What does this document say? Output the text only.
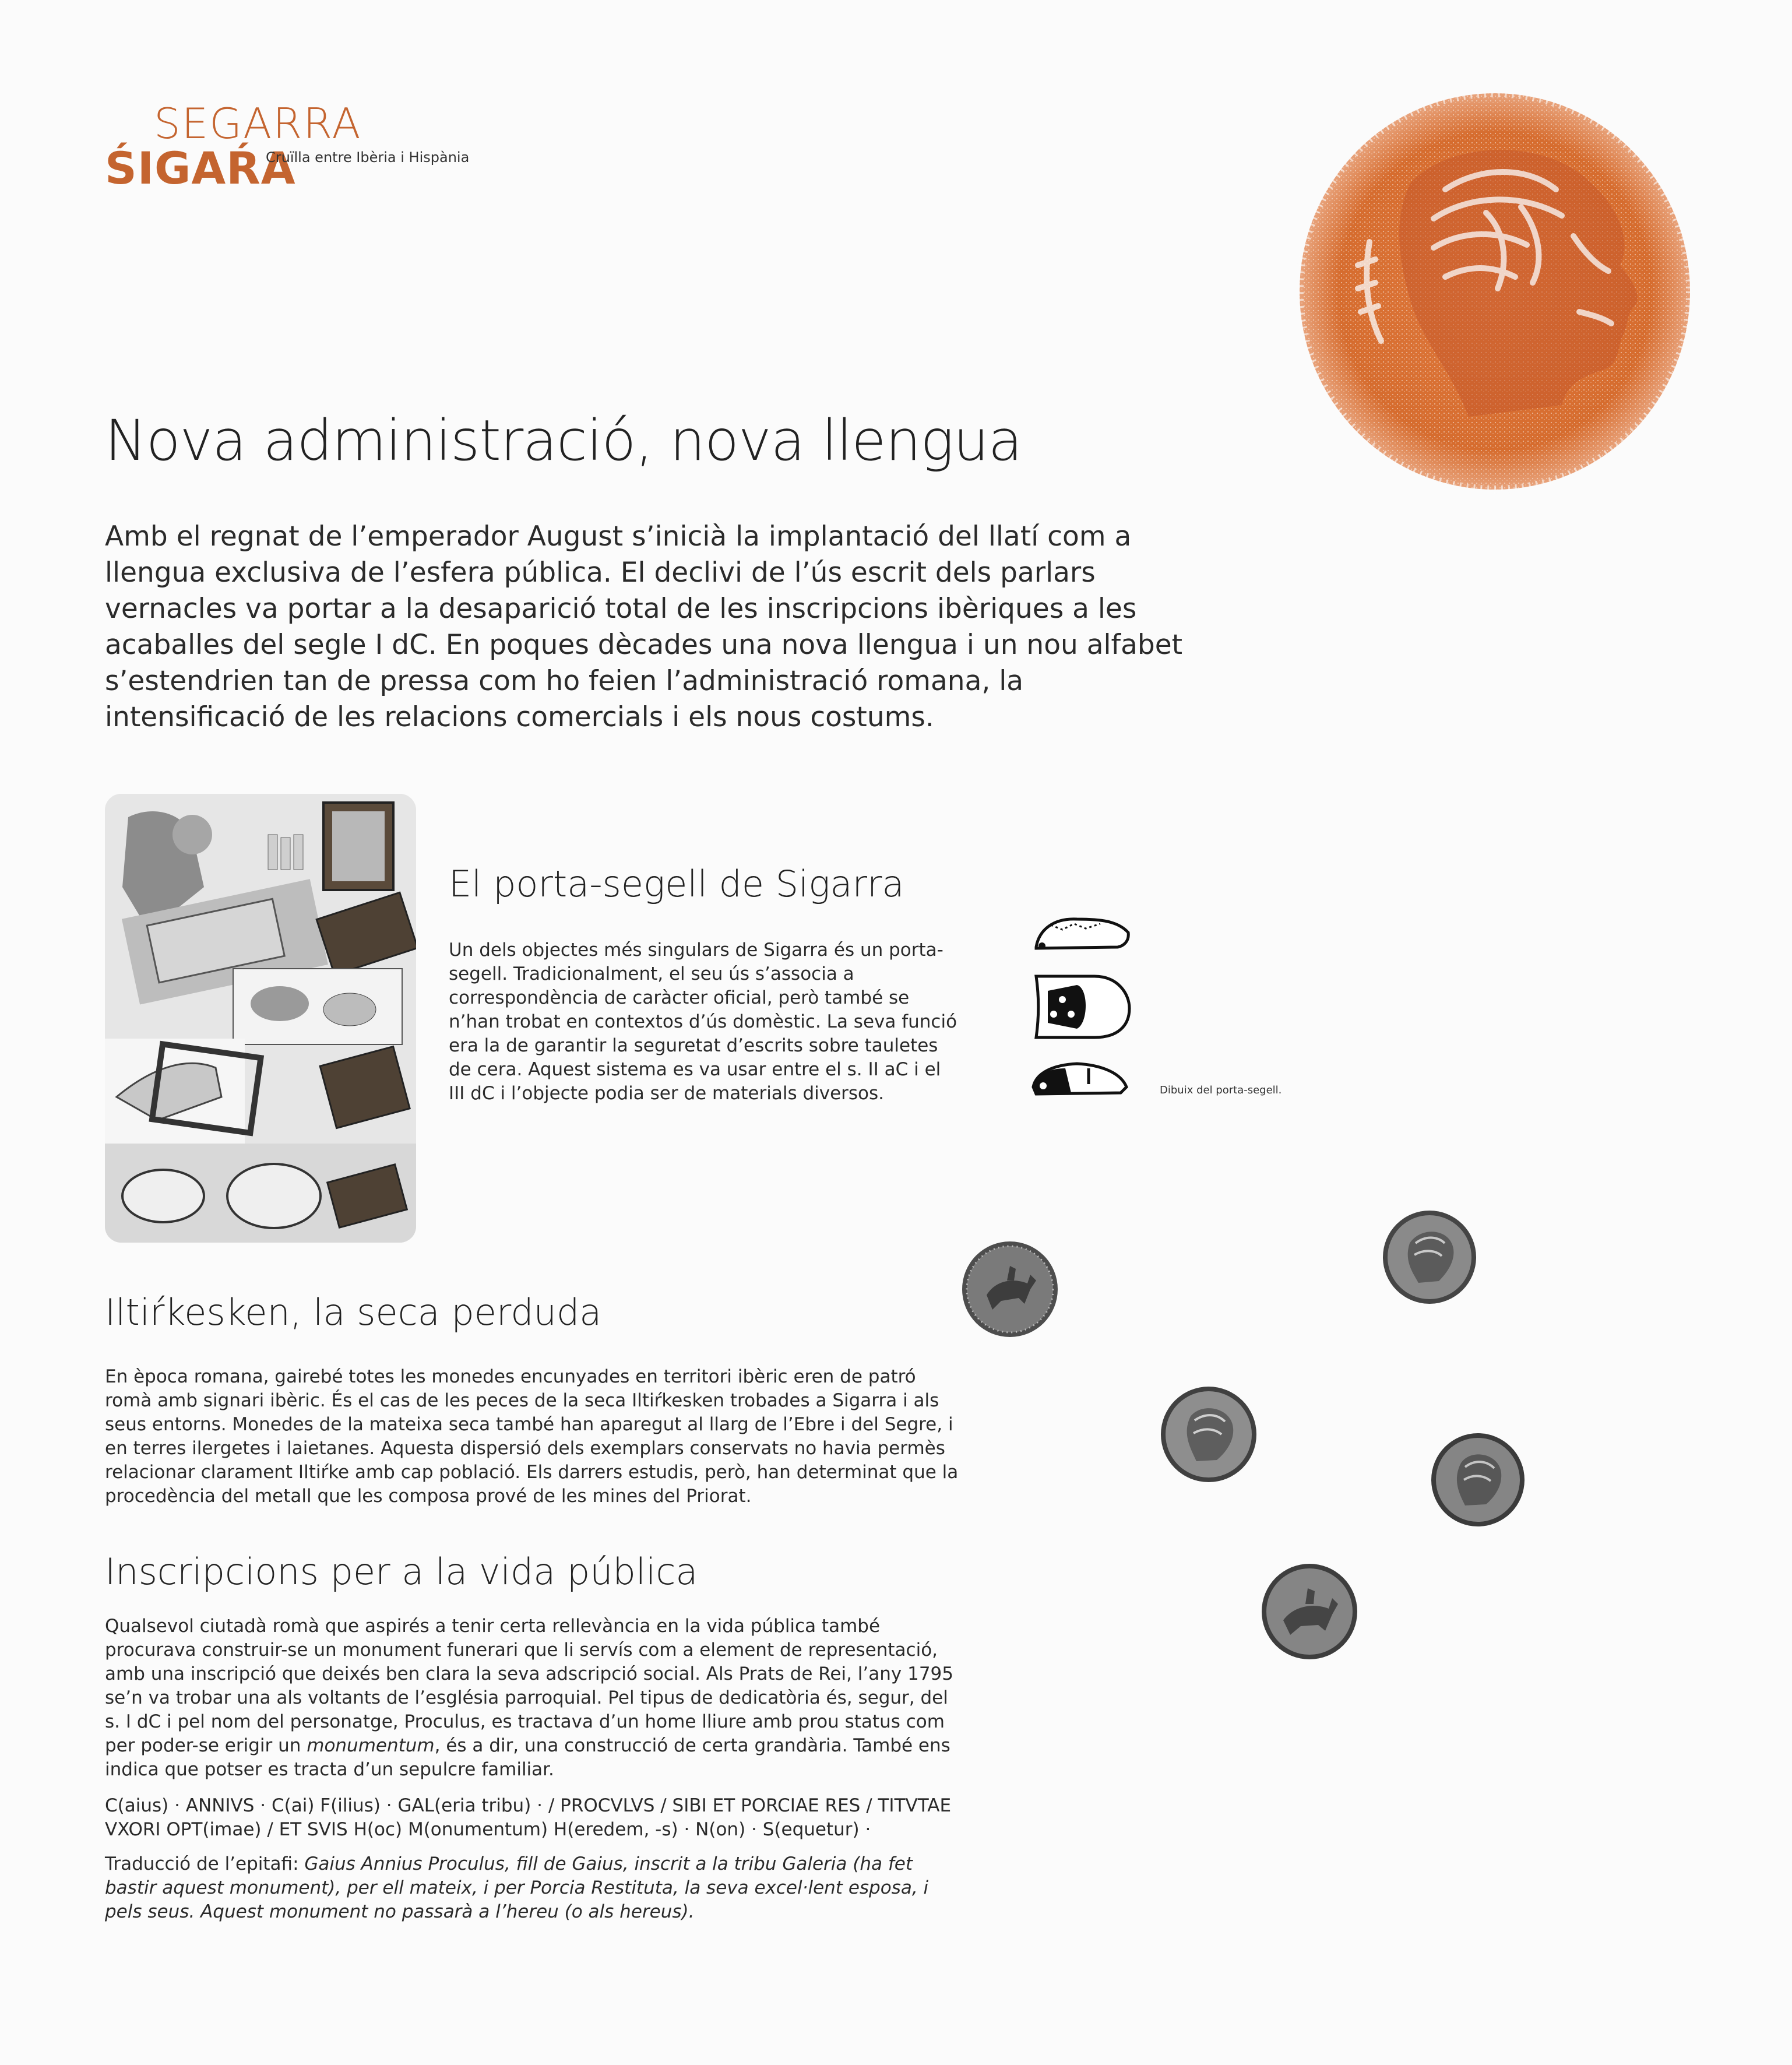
SEGARRA
ŚIGAŔA
Cruïlla entre Ibèria i Hispània
Nova administració, nova llengua
Amb el regnat de l’emperador August s’inicià la implantació del llatí com a llengua exclusiva de l’esfera pública. El declivi de l’ús escrit dels parlars vernacles va portar a la desaparició total de les inscripcions ibèriques a les acaballes del segle I dC. En poques dècades una nova llengua i un nou alfabet s’estendrien tan de pressa com ho feien l’administració romana, la intensificació de les relacions comercials i els nous costums.
El porta-segell de Sigarra
Un dels objectes més singulars de Sigarra és un porta-segell. Tradicionalment, el seu ús s’associa a correspondència de caràcter oficial, però també se n’han trobat en contextos d’ús domèstic. La seva funció era la de garantir la seguretat d’escrits sobre tauletes de cera. Aquest sistema es va usar entre el s. II aC i el III dC i l’objecte podia ser de materials diversos.	Dibuix del porta-segell.
Iltiŕkesken, la seca perduda
En època romana, gairebé totes les monedes encunyades en territori ibèric eren de patró romà amb signari ibèric. És el cas de les peces de la seca Iltiŕkesken trobades a Sigarra i als seus entorns. Monedes de la mateixa seca també han aparegut al llarg de l’Ebre i del Segre, i en terres ilergetes i laietanes. Aquesta dispersió dels exemplars conservats no havia permès relacionar clarament Iltiŕke amb cap població. Els darrers estudis, però, han determinat que la procedència del metall que les composa prové de les mines del Priorat.
Inscripcions per a la vida pública
Qualsevol ciutadà romà que aspirés a tenir certa rellevància en la vida pública també procurava construir-se un monument funerari que li servís com a element de representació, amb una inscripció que deixés ben clara la seva adscripció social. Als Prats de Rei, l’any 1795 se’n va trobar una als voltants de l’església parroquial. Pel tipus de dedicatòria és, segur, del s. I dC i pel nom del personatge, Proculus, es tractava d’un home lliure amb prou status com per poder-se erigir un monumentum, és a dir, una construcció de certa grandària. També ens indica que potser es tracta d’un sepulcre familiar.
C(aius) · ANNIVS · C(ai) F(ilius) · GAL(eria tribu) · / PROCVLVS / SIBI ET PORCIAE RES / TITVTAE VXORI OPT(imae) / ET SVIS H(oc) M(onumentum) H(eredem, -s) · N(on) · S(equetur) ·
Traducció de l’epitafi: Gaius Annius Proculus, fill de Gaius, inscrit a la tribu Galeria (ha fet bastir aquest monument), per ell mateix, i per Porcia Restituta, la seva excel·lent esposa, i pels seus. Aquest monument no passarà a l’hereu (o als hereus).
